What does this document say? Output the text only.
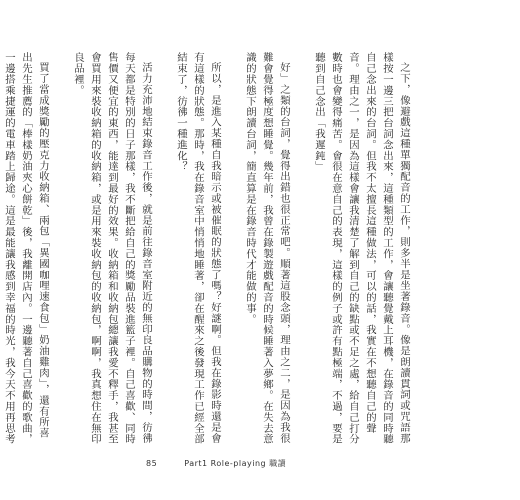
之下，像避戲這種單獨配音的工作，則多半是坐著錄音。像是朗讀貫詞或咒語那樣按一邊三把台詞念出來，這種類型的工作，會讓聽覺戴上耳機，在錄音的同時聽自己念出來的台詞。但我不太擅長這種做法，可以的話，我實在不想聽自己的聲音。理由之一，是因為這樣會讓我清楚了解到自己的缺點或不足之處，給自己打分數時也會變得痛苦。會很在意自己的表現，這樣的例子或許有點極端，不過，要是聽到自己念出「我遲鈍」

好」之類的台詞，覺得出錯也很正常吧。順著這股念頭，理由之二，是因為我很難會覺得極度想睡覺。幾年前，我曾在錄製遊戲配音的時候睡著入夢鄉。在失去意識的狀態下朗讀台詞，簡直算是在錄音時代才能做的事。

所以，是進入某種自我暗示或被催眠的狀態了嗎？好謎啊。但我在錄影時還是會有這樣的狀態。那時，我在錄音室中悄悄地睡著，卻在醒來之後發現工作已經全部結束了，彷彿一種進化？

活力充沛地結束錄音工作後，就是前往錄音室附近的無印良品購物的時間，彷彿每天都是特別的日子那樣，我不斷把給自己的獎勵品裝進籃子裡。自己喜歡、同時售價又便宜的東西，能達到最好的效果。收納箱和收納包總讓我愛不釋手，我甚至會買用來裝收納箱的收納箱，或是用來裝收納包的收納包，啊啊，我真想住在無印良品裡。

買了當成獎勵的壓克力收納箱、兩包「異國咖哩速食包」奶油雞肉」，還有所喜出先生推薦的「棒樣奶油夾心餅乾」後，我離開店內。一邊聽著自己喜歡的歌曲，一邊搭乘捷運的電車踏上歸途。這是最能讓我感到幸福的時光，我今天不用再思考

85	Part1 Role-playing 職讀
